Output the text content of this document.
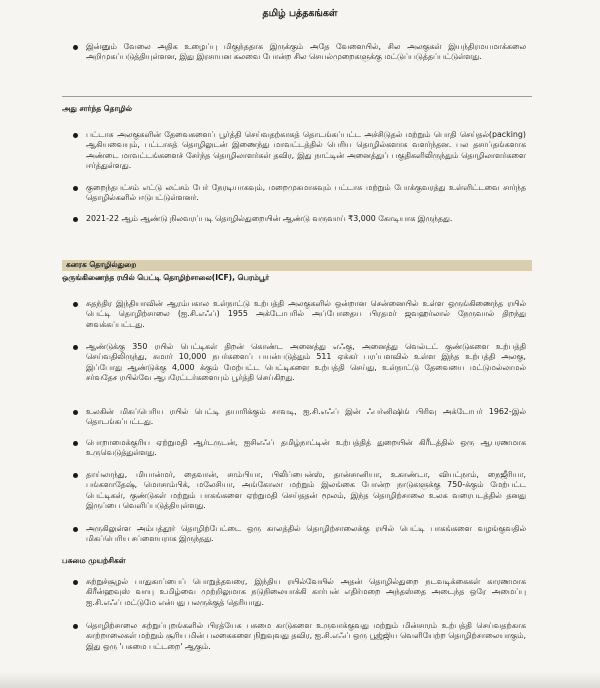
தமிழ் பத்தகங்கள்
இன்னும் வேலை அதிக உழைப்பு மிகுந்ததாக இருக்கும் அதே வேளையில், சில அலகுகள் இயந்திரமயமாக்கலை அறிமுகப்படுத்தியுள்ளன, இது இரசாயன கலவை போன்ற சில செயல்முறைகளுக்கு மட்டுப்படுத்தப்பட்டுள்ளது.
அது சார்ந்த தொழில்
பட்டாசு அலகுகளின் தேவைகளைப் பூர்த்தி செய்வதற்காகத் தொடங்கப்பட்ட அச்சிடுதல் மற்றும் பொதி செய்தல்(packing) ஆகியவையும், பட்டாசுத் தொழிலுடன் இணைந்து மாவட்டத்தில் பெரிய தொழில்களாக வளர்ந்தன. பல தசாப்தங்களாக அண்டை மாவட்டங்களைச் சேர்ந்த தொழிலாளர்கள் தவிர, இது நாட்டின் அனைத்துப் பகுதிகளிலிருந்தும் தொழிலாளர்களை ஈர்த்துள்ளது.
குறைந்தபட்சம் எட்டு லட்சம் பேர் நேரடியாகவும், மறைமுகமாகவும் பட்டாசு மற்றும் போக்குவரத்து உள்ளிட்டவை சார்ந்த தொழில்களில் ஈடுபட்டுள்ளனர்.
2021-22 ஆம் ஆண்டு நிலவரப்படி தொழில்துறையின் ஆண்டு வருவாய் ₹3,000 கோடியாக இருந்தது.
கனரக தொழில்துறை
ஒருங்கிணைந்த ரயில் பெட்டி தொழிற்சாலை(ICF), பெரம்பூர்
சுதந்திர இந்தியாவின் ஆரம்பகால உள்நாட்டு உற்பத்தி அலகுகளில் ஒன்றான சென்னையில் உள்ள ஒருங்கிணைந்த ரயில் பெட்டி தொழிற்சாலை (ஐ.சி.எஃப்) 1955 அக்டோபரில் அப்போதைய பிரதமர் ஜவஹர்லால் நேருவால் திறந்து வைக்கப்பட்டது.
ஆண்டுக்கு 350 ரயில் பெட்டிகள் திறன் கொண்ட அனைத்து எஃகு, அனைத்து வெல்டட் குண்டுகளை உற்பத்தி செய்வதிலிருந்து, சுமார் 10,000 நபர்களைப் பயன்படுத்தும் 511 ஏக்கர் பரப்பளவில் உள்ள இந்த உற்பத்தி அலகு, இப்போது ஆண்டுக்கு 4,000 க்கும் மேற்பட்ட பெட்டிகளை உற்பத்தி செய்து, உள்நாட்டு தேவையை மட்டுமல்லாமல் சர்வதேச ரயில்வே ஆபரேட்டர்களையும் பூர்த்தி செய்கிறது.
உலகின் மிகப்பெரிய ரயில் பெட்டி தயாரிக்கும் சாவடி, ஐ.சி.எஃப் இன் ஃபர்னிஷிங் பிரிவு அக்டோபர் 1962-இல் தொடங்கப்பட்டது.
பொறாமைக்குரிய ஏற்றுமதி ஆர்டருடன், ஐசிஎஃப் தமிழ்நாட்டின் உற்பத்தித் துறையின் கிரீடத்தில் ஒரு ஆபரணமாக உருவெடுத்துள்ளது.
தாய்லாந்து, மியான்மர், தைவான், சாம்பியா, பிலிப்பைன்ஸ், தான்சானியா, உகாண்டா, வியட்நாம், நைஜீரியா, பங்களாதேஷ், மொசாம்பிக், மலேசியா, அங்கோலா மற்றும் இலங்கை போன்ற நாடுகளுக்கு 750-க்கும் மேற்பட்ட பெட்டிகள், குண்டுகள் மற்றும் பாகங்களை ஏற்றுமதி செய்ததன் மூலம், இந்த தொழிற்சாலை உலக வரைபடத்தில் தனது இருப்பை வெளிப்படுத்தியுள்ளது.
அருகிலுள்ள அம்பத்தூர் தொழிற்பேட்டை ஒரு காலத்தில் தொழிற்சாலைக்கு ரயில் பெட்டி பாகங்களை வழங்குவதில் மிகப்பெரிய சப்ளையராக இருந்தது.
பசுமை முயற்சிகள்
சுற்றுச்சூழல் பாதுகாப்பைப் பொறுத்தவரை, இந்திய ரயில்வேயில் அதன் தொழில்துறை நடவடிக்கைகள் காரணமாக கிரீன்ஹவுஸ் வாயு உமிழ்வை முற்றிலுமாக நடுநிலையாக்கி கார்பன் எதிர்மறை அந்தஸ்தை அடைந்த ஒரே அமைப்பு ஐ.சி.எஃப் மட்டுமே என்பது பலருக்குத் தெரியாது.
தொழிற்சாலை சுற்றுப்புறங்களில் பிரத்யேக பசுமை காடுகளை உருவாக்குவது மற்றும் மின்சாரம் உற்பத்தி செய்வதற்காக காற்றாலைகள் மற்றும் சூரிய மின் பலகைகளை நிறுவுவது தவிர, ஐ.சி.எஃப் ஒரு பூஜ்ஜிய வெளியேற்ற தொழிற்சாலையாகும், இது ஒரு 'பசுமை பட்டறை' ஆகும்.
